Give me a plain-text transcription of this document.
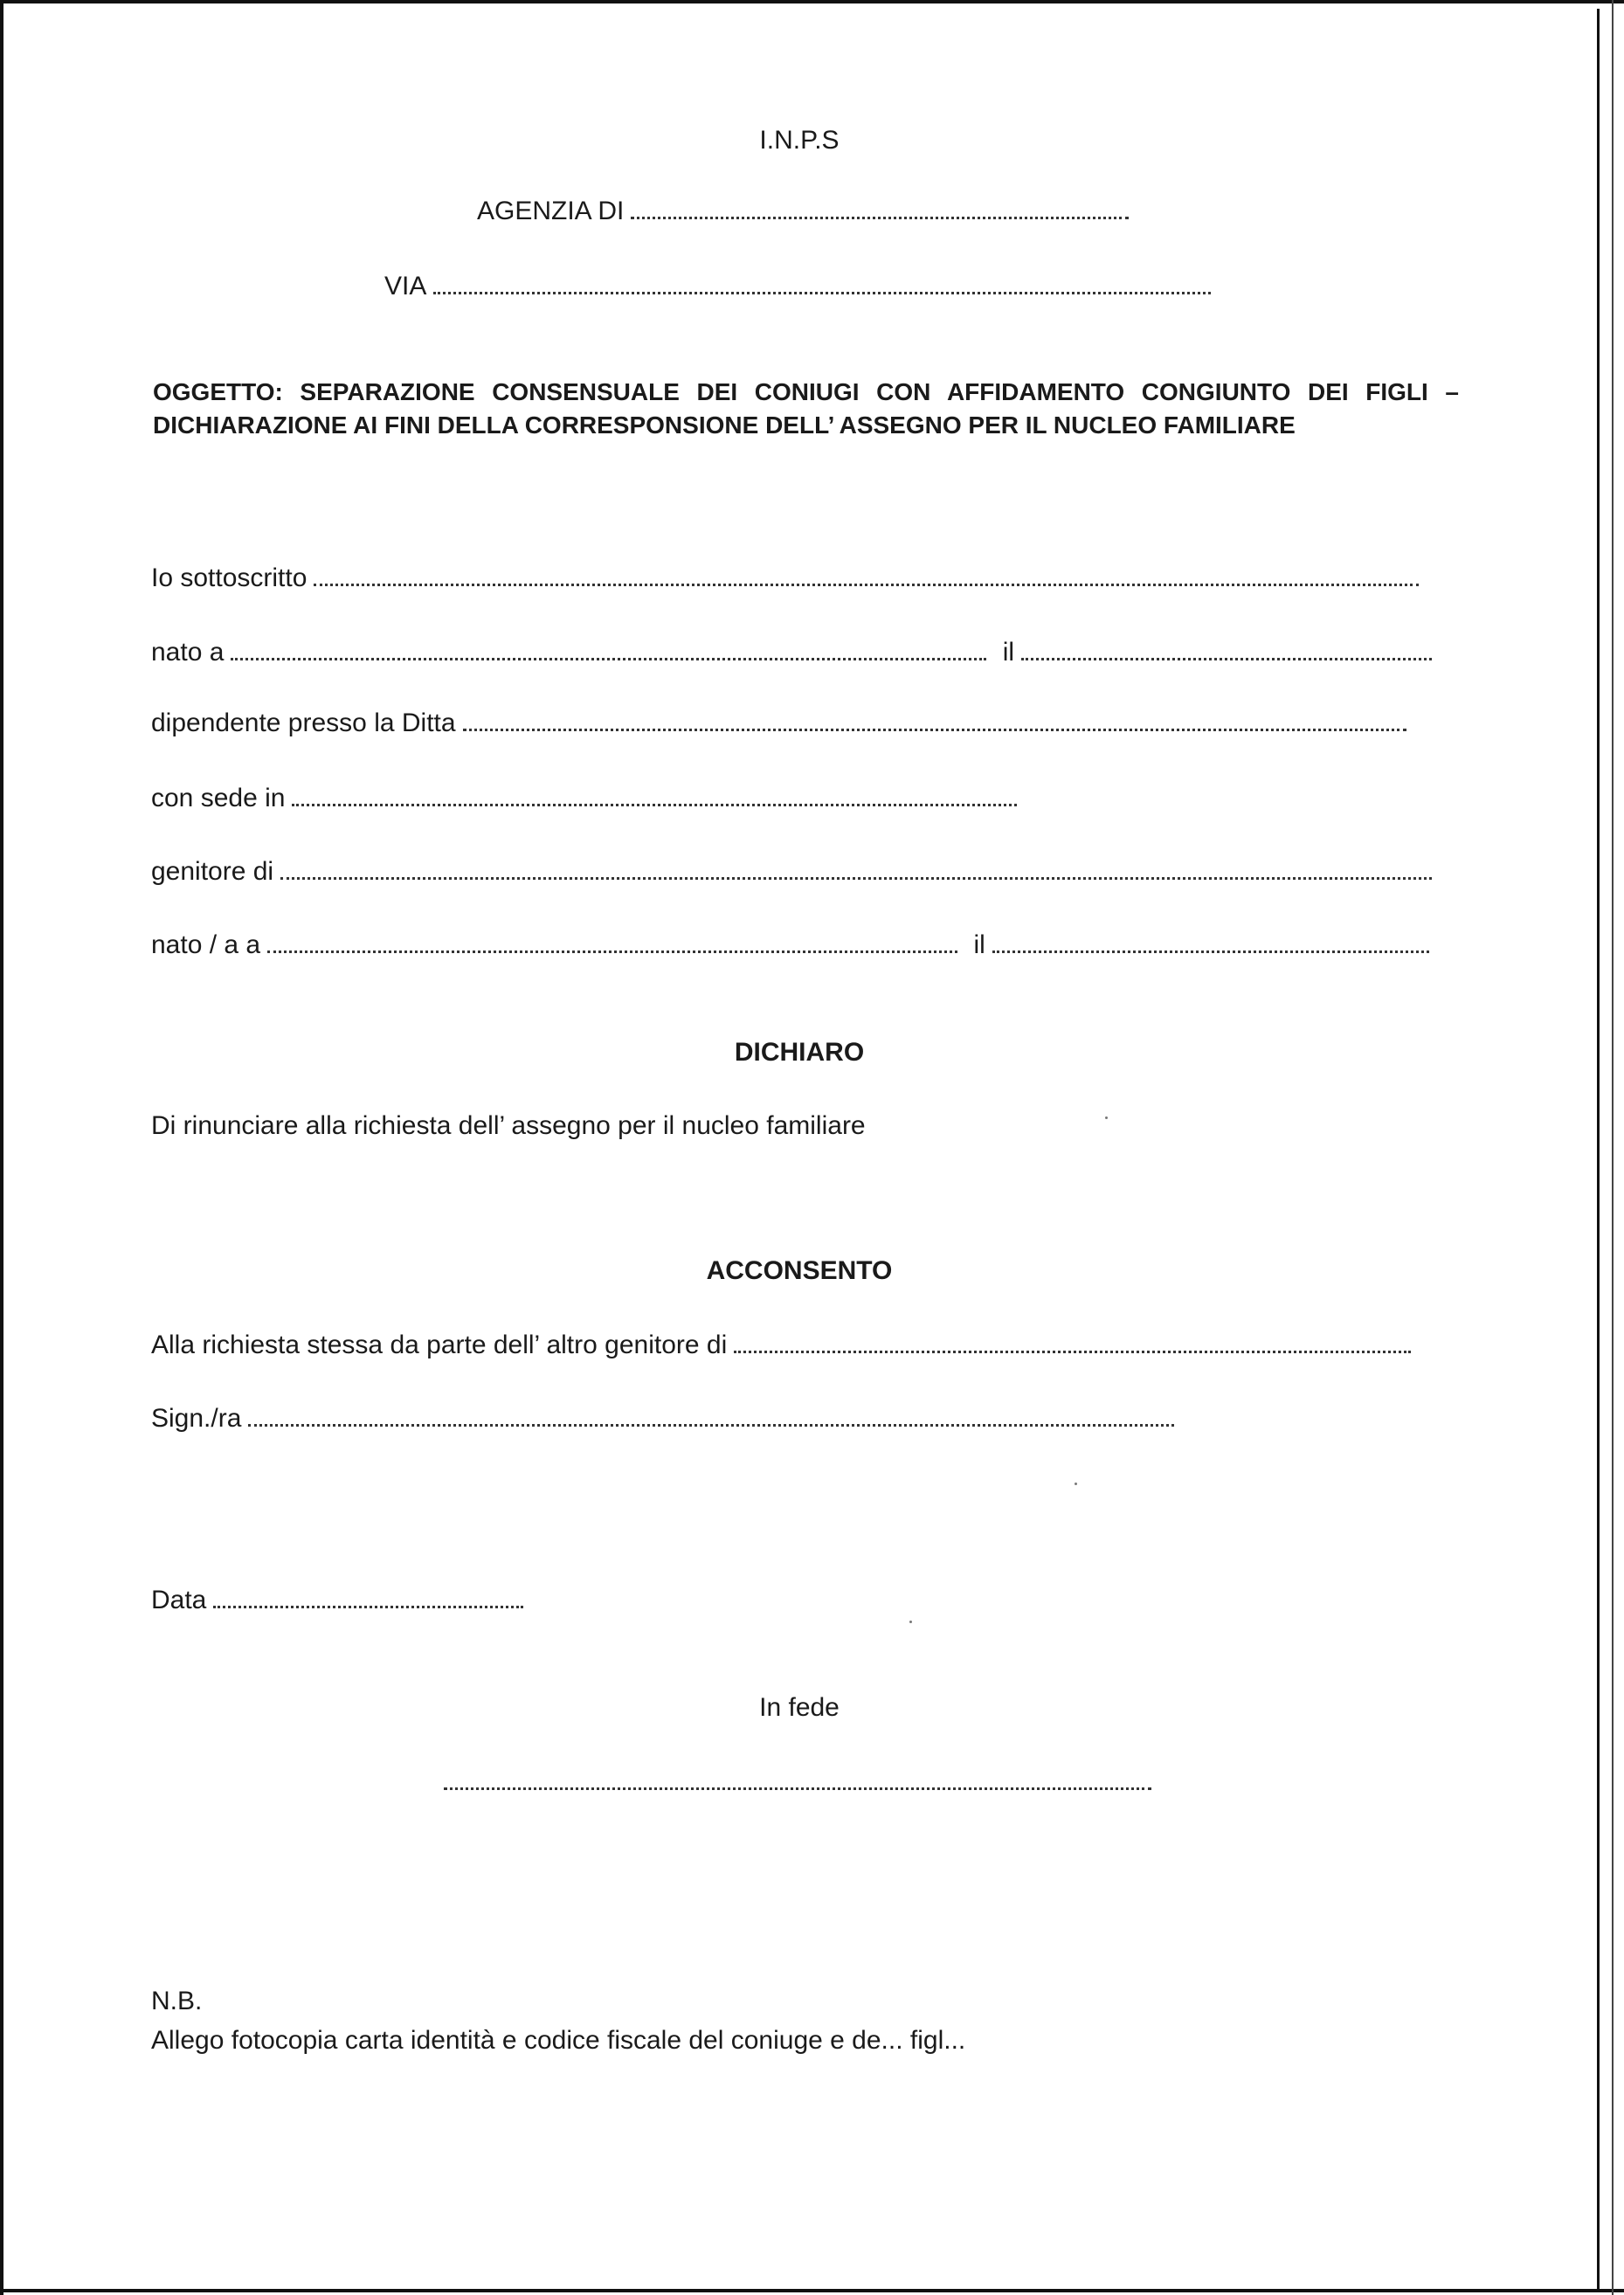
I.N.P.S
AGENZIA DI
VIA
OGGETTO: SEPARAZIONE CONSENSUALE DEI CONIUGI CON AFFIDAMENTO CONGIUNTO DEI FIGLI – DICHIARAZIONE AI FINI DELLA CORRESPONSIONE DELL’ ASSEGNO PER IL NUCLEO FAMILIARE
Io sottoscritto
nato a	il
dipendente presso la Ditta
con sede in
genitore di
nato / a a	il
DICHIARO
Di rinunciare alla richiesta dell’ assegno per il nucleo familiare
ACCONSENTO
Alla richiesta stessa da parte dell’ altro genitore di
Sign./ra
Data
In fede
N.B.
Allego fotocopia carta identità e codice fiscale del coniuge e de... figl...
